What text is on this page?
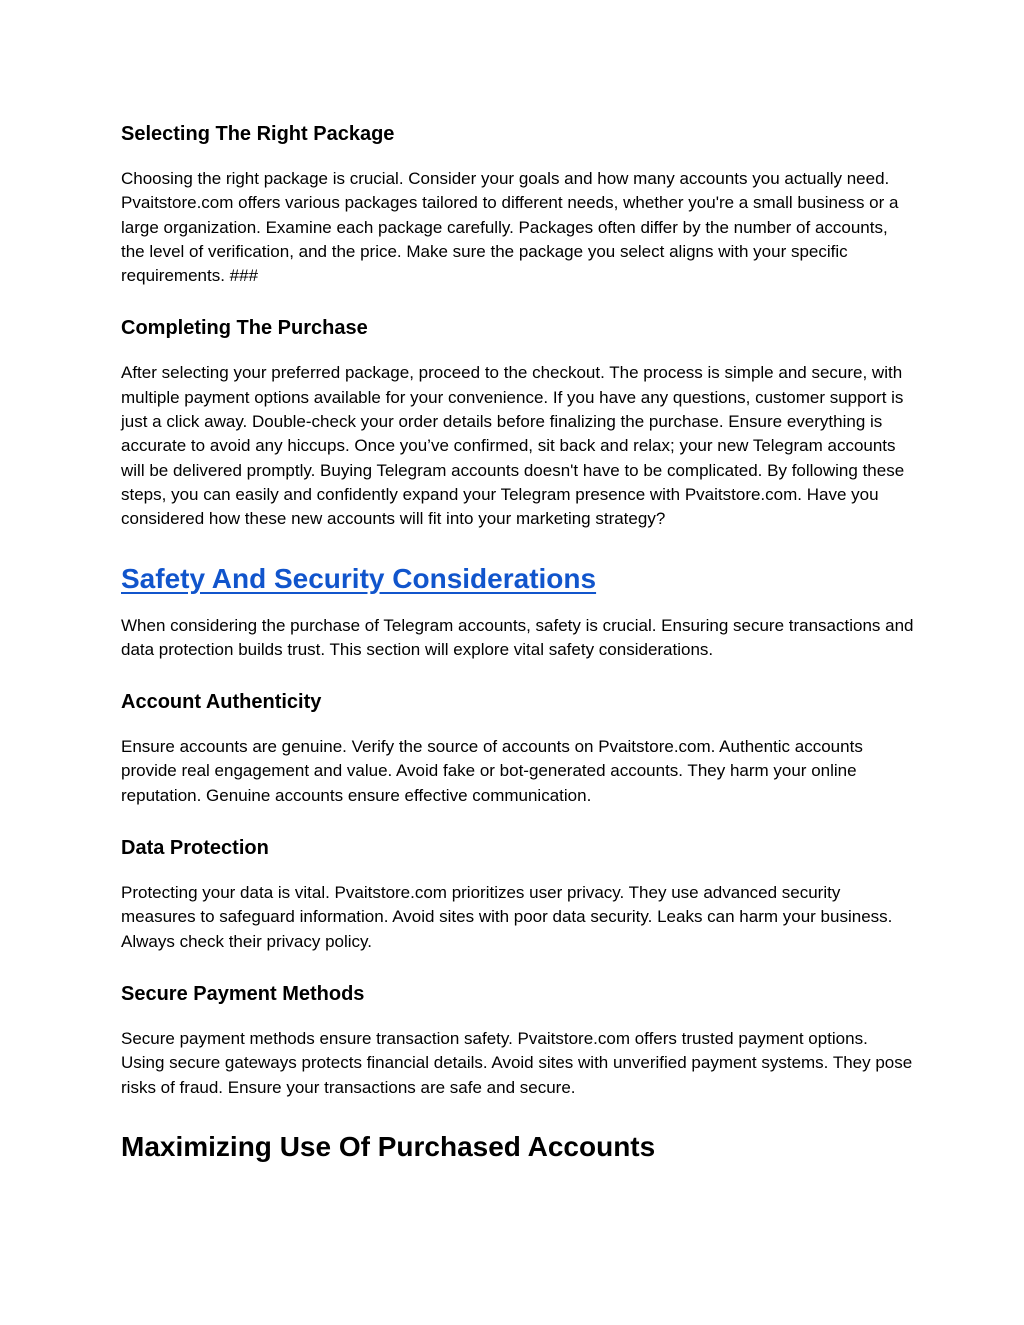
Selecting The Right Package

Choosing the right package is crucial. Consider your goals and how many accounts you actually need. Pvaitstore.com offers various packages tailored to different needs, whether you're a small business or a large organization. Examine each package carefully. Packages often differ by the number of accounts, the level of verification, and the price. Make sure the package you select aligns with your specific requirements. ###

Completing The Purchase

After selecting your preferred package, proceed to the checkout. The process is simple and secure, with multiple payment options available for your convenience. If you have any questions, customer support is just a click away. Double-check your order details before finalizing the purchase. Ensure everything is accurate to avoid any hiccups. Once you’ve confirmed, sit back and relax; your new Telegram accounts will be delivered promptly. Buying Telegram accounts doesn't have to be complicated. By following these steps, you can easily and confidently expand your Telegram presence with Pvaitstore.com. Have you considered how these new accounts will fit into your marketing strategy?

Safety And Security Considerations

When considering the purchase of Telegram accounts, safety is crucial. Ensuring secure transactions and data protection builds trust. This section will explore vital safety considerations.

Account Authenticity

Ensure accounts are genuine. Verify the source of accounts on Pvaitstore.com. Authentic accounts provide real engagement and value. Avoid fake or bot-generated accounts. They harm your online reputation. Genuine accounts ensure effective communication.

Data Protection

Protecting your data is vital. Pvaitstore.com prioritizes user privacy. They use advanced security measures to safeguard information. Avoid sites with poor data security. Leaks can harm your business. Always check their privacy policy.

Secure Payment Methods

Secure payment methods ensure transaction safety. Pvaitstore.com offers trusted payment options. Using secure gateways protects financial details. Avoid sites with unverified payment systems. They pose risks of fraud. Ensure your transactions are safe and secure.

Maximizing Use Of Purchased Accounts
